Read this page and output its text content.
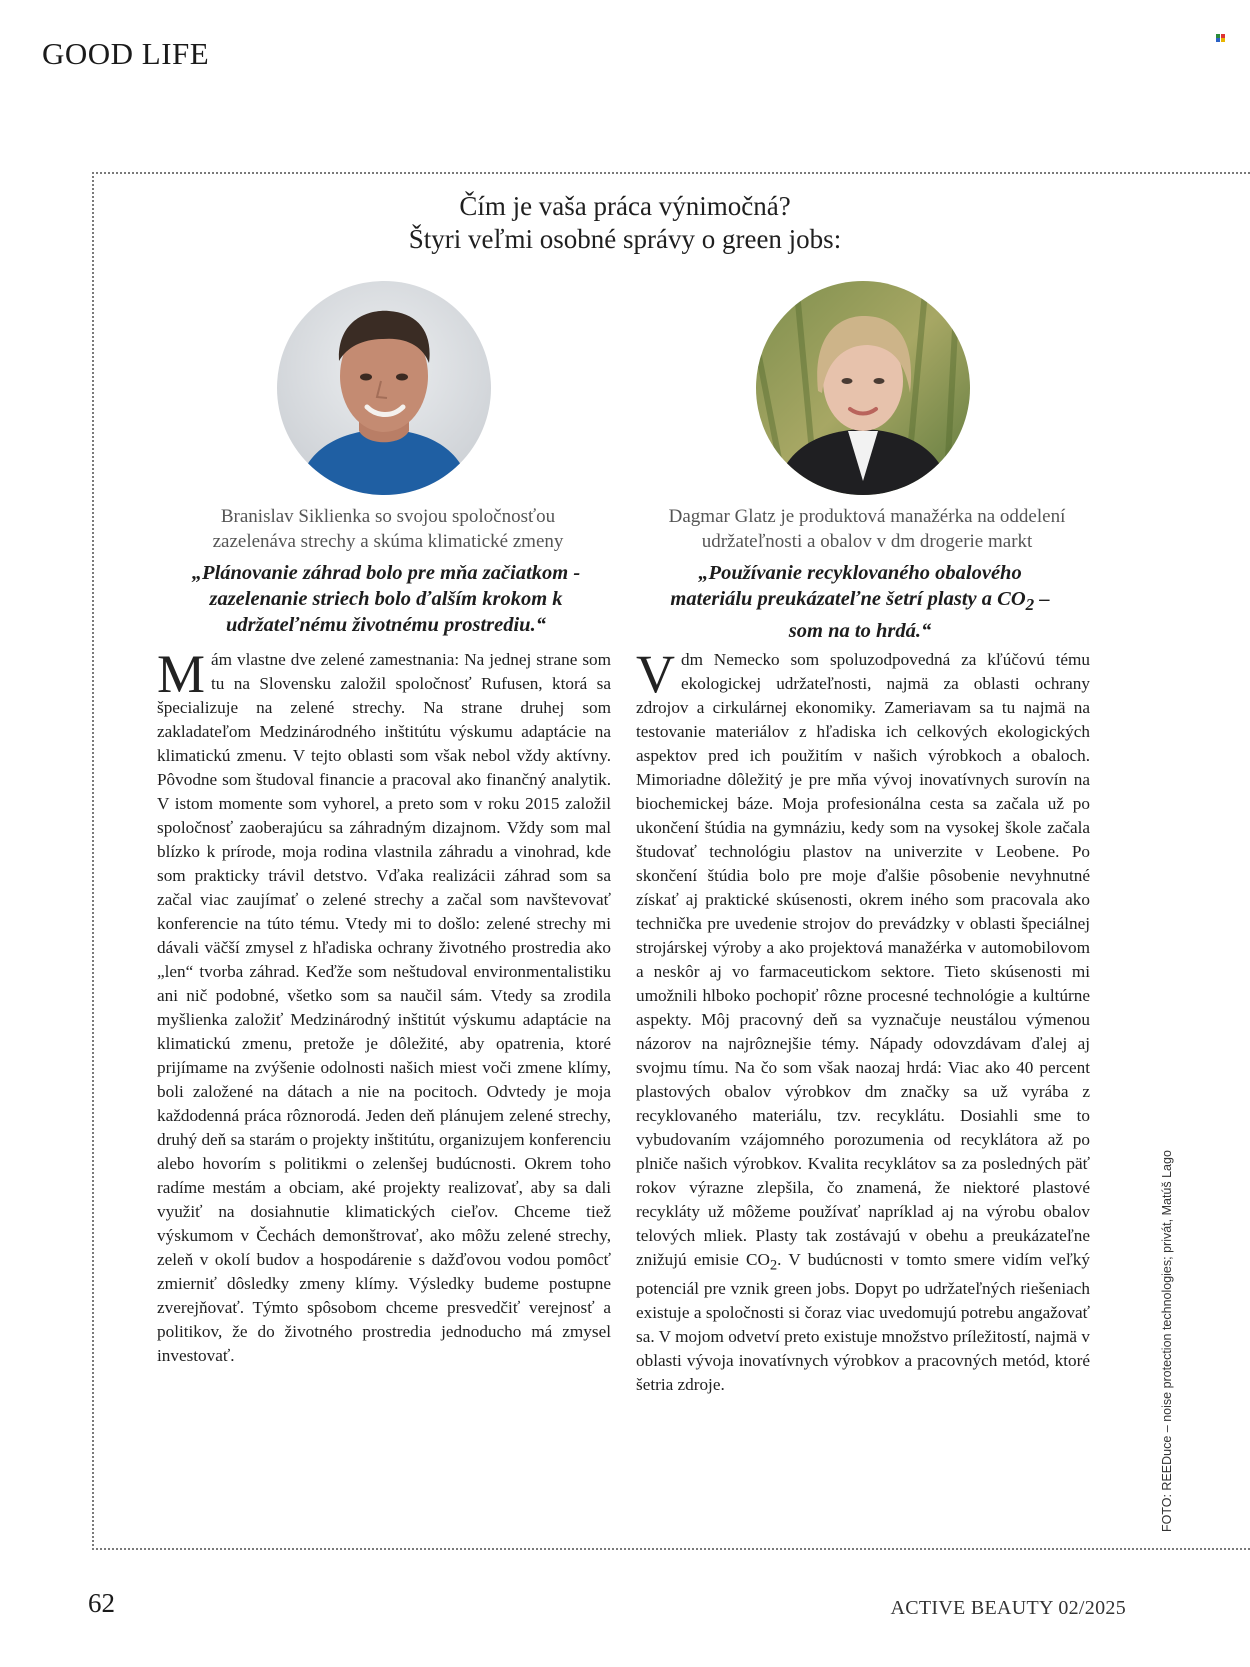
GOOD LIFE
Čím je vaša práca výnimočná?
Štyri veľmi osobné správy o green jobs:
Branislav Siklienka so svojou spoločnosťou zazelenáva strechy a skúma klimatické zmeny
Dagmar Glatz je produktová manažérka na oddelení udržateľnosti a obalov v dm drogerie markt
„Plánovanie záhrad bolo pre mňa začiatkom - zazelenanie striech bolo ďalším krokom k udržateľnému životnému prostrediu.“
„Používanie recyklovaného obalového materiálu preukázateľne šetrí plasty a $CO_2$ – som na to hrdá.“
Mám vlastne dve zelené zamestnania: Na jednej strane som tu na Slovensku založil spoločnosť Rufusen, ktorá sa špecializuje na zelené strechy. Na strane druhej som zakladateľom Medzinárodného inštitútu výskumu adaptácie na klimatickú zmenu. V tejto oblasti som však nebol vždy aktívny. Pôvodne som študoval financie a pracoval ako finančný analytik. V istom momente som vyhorel, a preto som v roku 2015 založil spoločnosť zaoberajúcu sa záhradným dizajnom. Vždy som mal blízko k prírode, moja rodina vlastnila záhradu a vinohrad, kde som prakticky trávil detstvo. Vďaka realizácii záhrad som sa začal viac zaujímať o zelené strechy a začal som navštevovať konferencie na túto tému. Vtedy mi to došlo: zelené strechy mi dávali väčší zmysel z hľadiska ochrany životného prostredia ako „len“ tvorba záhrad. Keďže som neštudoval environmentalistiku ani nič podobné, všetko som sa naučil sám. Vtedy sa zrodila myšlienka založiť Medzinárodný inštitút výskumu adaptácie na klimatickú zmenu, pretože je dôležité, aby opatrenia, ktoré prijímame na zvýšenie odolnosti našich miest voči zmene klímy, boli založené na dátach a nie na pocitoch. Odvtedy je moja každodenná práca rôznorodá. Jeden deň plánujem zelené strechy, druhý deň sa starám o projekty inštitútu, organizujem konferenciu alebo hovorím s politikmi o zelenšej budúcnosti. Okrem toho radíme mestám a obciam, aké projekty realizovať, aby sa dali využiť na dosiahnutie klimatických cieľov. Chceme tiež výskumom v Čechách demonštrovať, ako môžu zelené strechy, zeleň v okolí budov a hospodárenie s dažďovou vodou pomôcť zmierniť dôsledky zmeny klímy. Výsledky budeme postupne zverejňovať. Týmto spôsobom chceme presvedčiť verejnosť a politikov, že do životného prostredia jednoducho má zmysel investovať.
Vdm Nemecko som spoluzodpovedná za kľúčovú tému ekologickej udržateľnosti, najmä za oblasti ochrany zdrojov a cirkulárnej ekonomiky. Zameriavam sa tu najmä na testovanie materiálov z hľadiska ich celkových ekologických aspektov pred ich použitím v našich výrobkoch a obaloch. Mimoriadne dôležitý je pre mňa vývoj inovatívnych surovín na biochemickej báze. Moja profesionálna cesta sa začala už po ukončení štúdia na gymnáziu, kedy som na vysokej škole začala študovať technológiu plastov na univerzite v Leobene. Po skončení štúdia bolo pre moje ďalšie pôsobenie nevyhnutné získať aj praktické skúsenosti, okrem iného som pracovala ako technička pre uvedenie strojov do prevádzky v oblasti špeciálnej strojárskej výroby a ako projektová manažérka v automobilovom a neskôr aj vo farmaceutickom sektore. Tieto skúsenosti mi umožnili hlboko pochopiť rôzne procesné technológie a kultúrne aspekty. Môj pracovný deň sa vyznačuje neustálou výmenou názorov na najrôznejšie témy. Nápady odovzdávam ďalej aj svojmu tímu. Na čo som však naozaj hrdá: Viac ako 40 percent plastových obalov výrobkov dm značky sa už vyrába z recyklovaného materiálu, tzv. recyklátu. Dosiahli sme to vybudovaním vzájomného porozumenia od recyklátora až po plniče našich výrobkov. Kvalita recyklátov sa za posledných päť rokov výrazne zlepšila, čo znamená, že niektoré plastové recykláty už môžeme používať napríklad aj na výrobu obalov telových mliek. Plasty tak zostávajú v obehu a preukázateľne znižujú emisie $CO_2$. V budúcnosti v tomto smere vidím veľký potenciál pre vznik green jobs. Dopyt po udržateľných riešeniach existuje a spoločnosti si čoraz viac uvedomujú potrebu angažovať sa. V mojom odvetví preto existuje množstvo príležitostí, najmä v oblasti vývoja inovatívnych výrobkov a pracovných metód, ktoré šetria zdroje.	FOTO: REEDuce – noise protection technologies; privát, Matúš Lago
62	ACTIVE BEAUTY 02/2025
